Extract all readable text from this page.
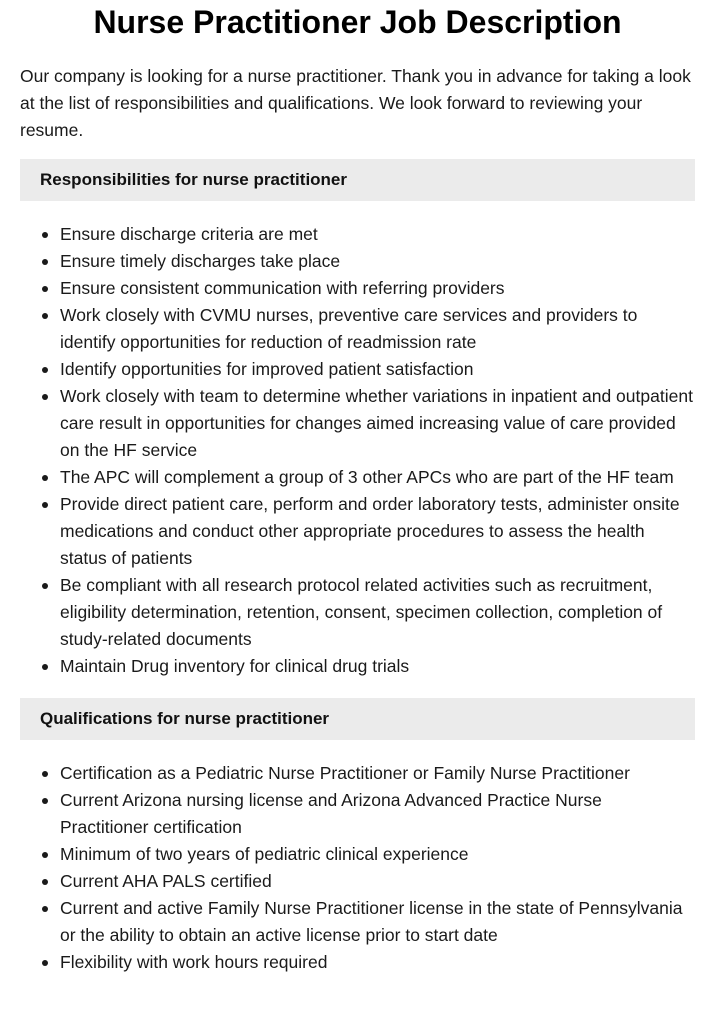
Nurse Practitioner Job Description

Our company is looking for a nurse practitioner. Thank you in advance for taking a look at the list of responsibilities and qualifications. We look forward to reviewing your resume.

Responsibilities for nurse practitioner
Ensure discharge criteria are met
Ensure timely discharges take place
Ensure consistent communication with referring providers
Work closely with CVMU nurses, preventive care services and providers to identify opportunities for reduction of readmission rate
Identify opportunities for improved patient satisfaction
Work closely with team to determine whether variations in inpatient and outpatient care result in opportunities for changes aimed increasing value of care provided on the HF service
The APC will complement a group of 3 other APCs who are part of the HF team
Provide direct patient care, perform and order laboratory tests, administer onsite medications and conduct other appropriate procedures to assess the health status of patients
Be compliant with all research protocol related activities such as recruitment, eligibility determination, retention, consent, specimen collection, completion of study-related documents
Maintain Drug inventory for clinical drug trials
Qualifications for nurse practitioner
Certification as a Pediatric Nurse Practitioner or Family Nurse Practitioner
Current Arizona nursing license and Arizona Advanced Practice Nurse Practitioner certification
Minimum of two years of pediatric clinical experience
Current AHA PALS certified
Current and active Family Nurse Practitioner license in the state of Pennsylvania or the ability to obtain an active license prior to start date
Flexibility with work hours required
